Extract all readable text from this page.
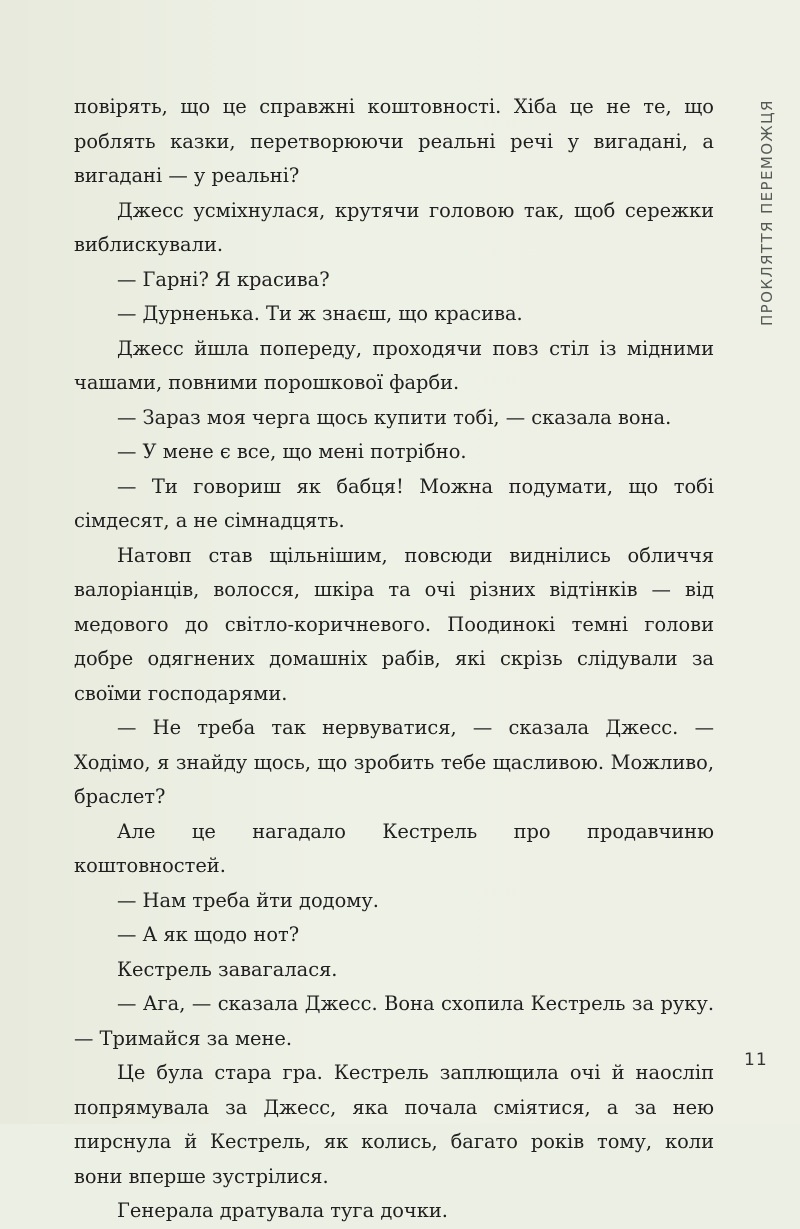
повірять, що це справжні коштовності. Хіба це не те, що роблять казки, перетворюючи реальні речі у вигадані, а вигадані — у реальні?

Джесс усміхнулася, крутячи головою так, щоб сережки виблискували.

— Гарні? Я красива?

— Дурненька. Ти ж знаєш, що красива.

Джесс йшла попереду, проходячи повз стіл із мідними чашами, повними порошкової фарби.

— Зараз моя черга щось купити тобі, — сказала вона.

— У мене є все, що мені потрібно.

— Ти говориш як бабця! Можна подумати, що тобі сімдесят, а не сімнадцять.

Натовп став щільнішим, повсюди виднілись обличчя валоріанців, волосся, шкіра та очі різних відтінків — від медового до світло-коричневого. Поодинокі темні голови добре одягнених домашніх рабів, які скрізь слідували за своїми господарями.

— Не треба так нервуватися, — сказала Джесс. — Ходімо, я знайду щось, що зробить тебе щасливою. Можливо, браслет?

Але це нагадало Кестрель про продавчиню коштовностей.

— Нам треба йти додому.

— А як щодо нот?

Кестрель завагалася.

— Ага, — сказала Джесс. Вона схопила Кестрель за руку. — Тримайся за мене.

Це була стара гра. Кестрель заплющила очі й наосліп попрямувала за Джесс, яка почала сміятися, а за нею пирснула й Кестрель, як колись, багато років тому, коли вони вперше зустрілися.

Генерала дратувала туга дочки.

ПРОКЛЯТТЯ ПЕРЕМОЖЦЯ
11
